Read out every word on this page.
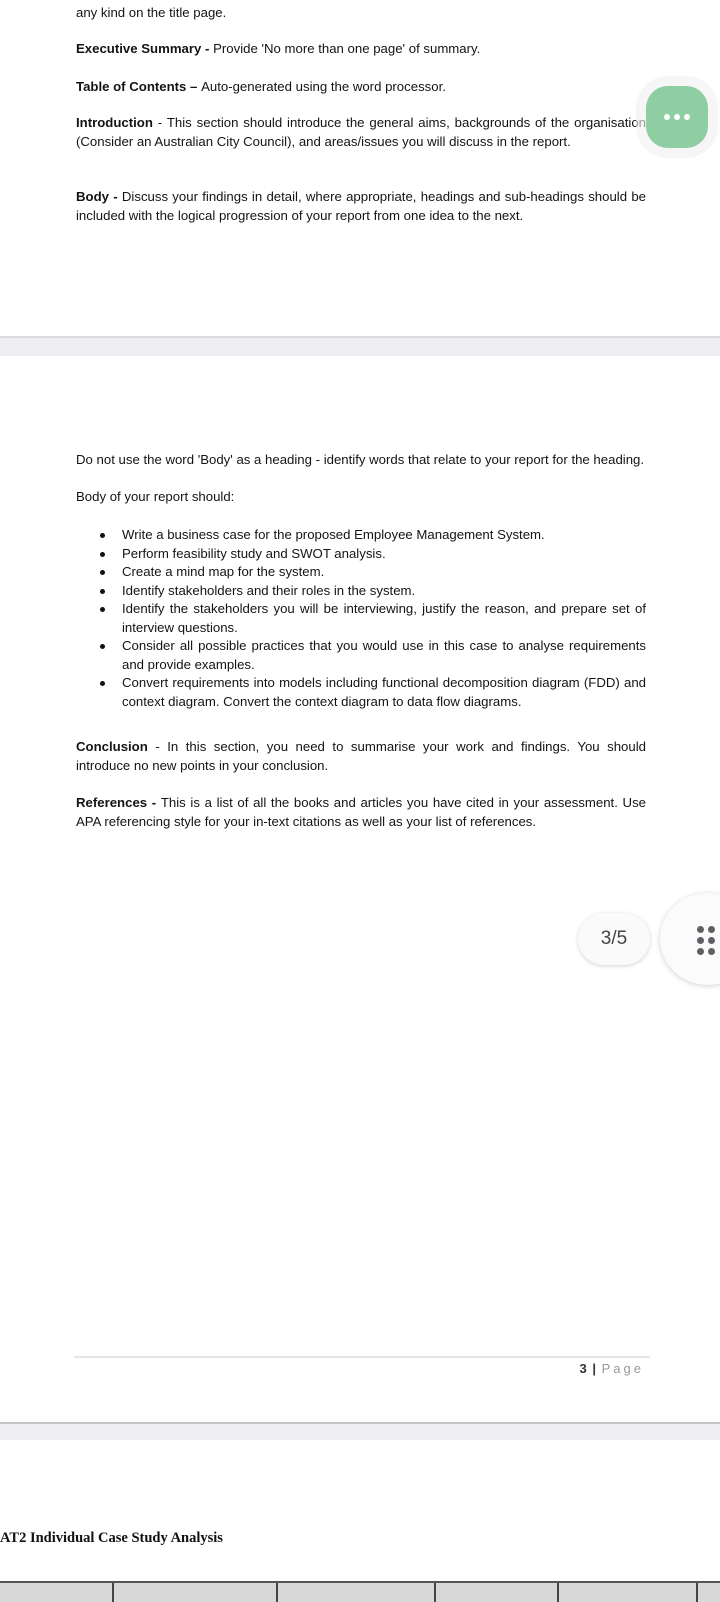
any kind on the title page.
Executive Summary - Provide 'No more than one page' of summary.
Table of Contents – Auto-generated using the word processor.
Introduction - This section should introduce the general aims, backgrounds of the organisation (Consider an Australian City Council), and areas/issues you will discuss in the report.
Body - Discuss your findings in detail, where appropriate, headings and sub-headings should be included with the logical progression of your report from one idea to the next.
Do not use the word 'Body' as a heading - identify words that relate to your report for the heading.
Body of your report should:
Write a business case for the proposed Employee Management System.
Perform feasibility study and SWOT analysis.
Create a mind map for the system.
Identify stakeholders and their roles in the system.
Identify the stakeholders you will be interviewing, justify the reason, and prepare set of interview questions.
Consider all possible practices that you would use in this case to analyse requirements and provide examples.
Convert requirements into models including functional decomposition diagram (FDD) and context diagram. Convert the context diagram to data flow diagrams.
Conclusion - In this section, you need to summarise your work and findings. You should introduce no new points in your conclusion.
References - This is a list of all the books and articles you have cited in your assessment. Use APA referencing style for your in-text citations as well as your list of references.
3 | Page
AT2 Individual Case Study Analysis
3/5
